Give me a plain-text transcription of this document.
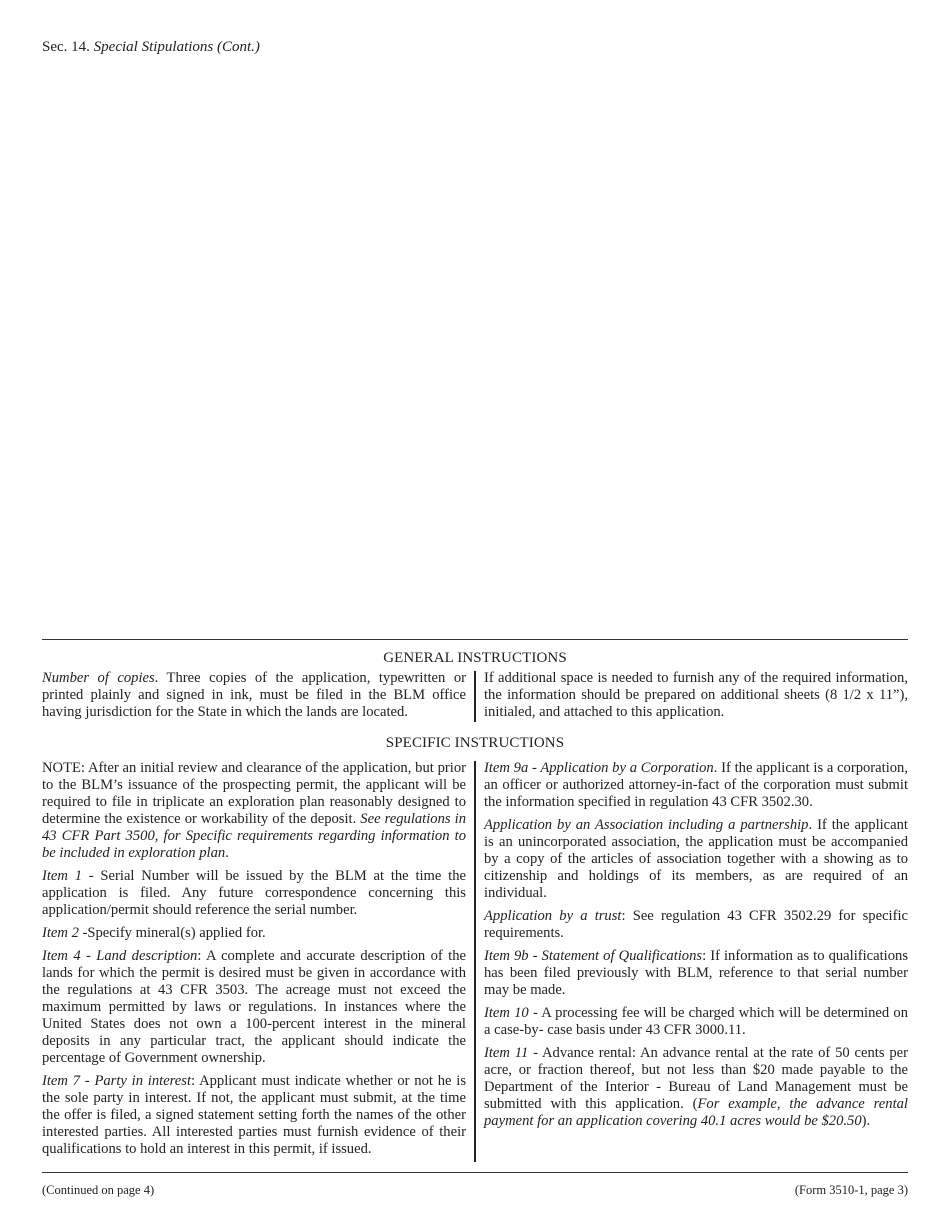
Sec. 14. Special Stipulations (Cont.)
GENERAL INSTRUCTIONS

Number of copies. Three copies of the application, typewritten or printed plainly and signed in ink, must be filed in the BLM office having jurisdiction for the State in which the lands are located.

If additional space is needed to furnish any of the required information, the information should be prepared on additional sheets (8 1/2 x 11”), initialed, and attached to this application.

SPECIFIC INSTRUCTIONS

NOTE: After an initial review and clearance of the application, but prior to the BLM’s issuance of the prospecting permit, the applicant will be required to file in triplicate an exploration plan reasonably designed to determine the existence or workability of the deposit. See regulations in 43 CFR Part 3500, for Specific requirements regarding information to be included in exploration plan.

Item 1 - Serial Number will be issued by the BLM at the time the application is filed. Any future correspondence concerning this application/permit should reference the serial number.

Item 2 -Specify mineral(s) applied for.

Item 4 - Land description: A complete and accurate description of the lands for which the permit is desired must be given in accordance with the regulations at 43 CFR 3503. The acreage must not exceed the maximum permitted by laws or regulations. In instances where the United States does not own a 100-percent interest in the mineral deposits in any particular tract, the applicant should indicate the percentage of Government ownership.

Item 7 - Party in interest: Applicant must indicate whether or not he is the sole party in interest. If not, the applicant must submit, at the time the offer is filed, a signed statement setting forth the names of the other interested parties. All interested parties must furnish evidence of their qualifications to hold an interest in this permit, if issued.

Item 9a - Application by a Corporation. If the applicant is a corporation, an officer or authorized attorney-in-fact of the corporation must submit the information specified in regulation 43 CFR 3502.30.

Application by an Association including a partnership. If the applicant is an unincorporated association, the application must be accompanied by a copy of the articles of association together with a showing as to citizenship and holdings of its members, as are required of an individual.

Application by a trust: See regulation 43 CFR 3502.29 for specific requirements.

Item 9b - Statement of Qualifications: If information as to qualifications has been filed previously with BLM, reference to that serial number may be made.

Item 10 - A processing fee will be charged which will be determined on a case-by- case basis under 43 CFR 3000.11.

Item 11 - Advance rental: An advance rental at the rate of 50 cents per acre, or fraction thereof, but not less than $20 made payable to the Department of the Interior - Bureau of Land Management must be submitted with this application. (For example, the advance rental payment for an application covering 40.1 acres would be $20.50).

(Continued on page 4)	(Form 3510-1, page 3)
